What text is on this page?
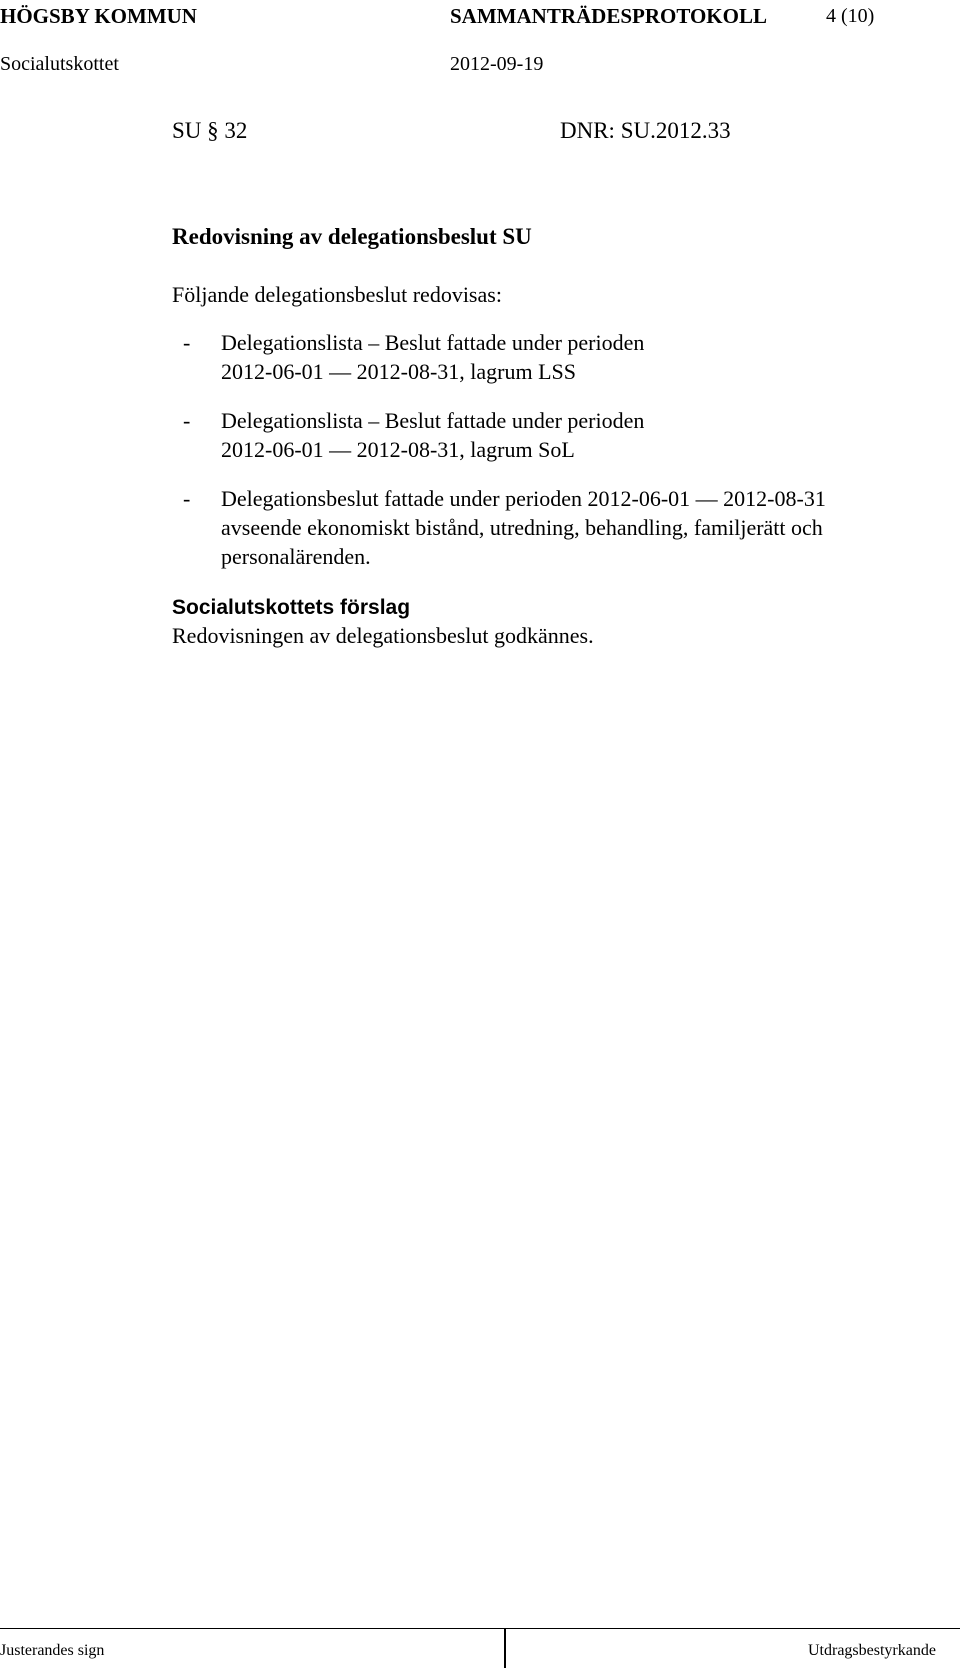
HÖGSBY KOMMUN	SAMMANTRÄDESPROTOKOLL	4 (10)
Socialutskottet	2012-09-19
SU § 32	DNR: SU.2012.33
Redovisning av delegationsbeslut SU
Följande delegationsbeslut redovisas:
- Delegationslista – Beslut fattade under perioden
2012-06-01 — 2012-08-31, lagrum LSS
- Delegationslista – Beslut fattade under perioden
2012-06-01 — 2012-08-31, lagrum SoL
- Delegationsbeslut fattade under perioden 2012-06-01 — 2012-08-31
avseende ekonomiskt bistånd, utredning, behandling, familjerätt och
personalärenden.
Socialutskottets förslag
Redovisningen av delegationsbeslut godkännes.
Justerandes sign	Utdragsbestyrkande
